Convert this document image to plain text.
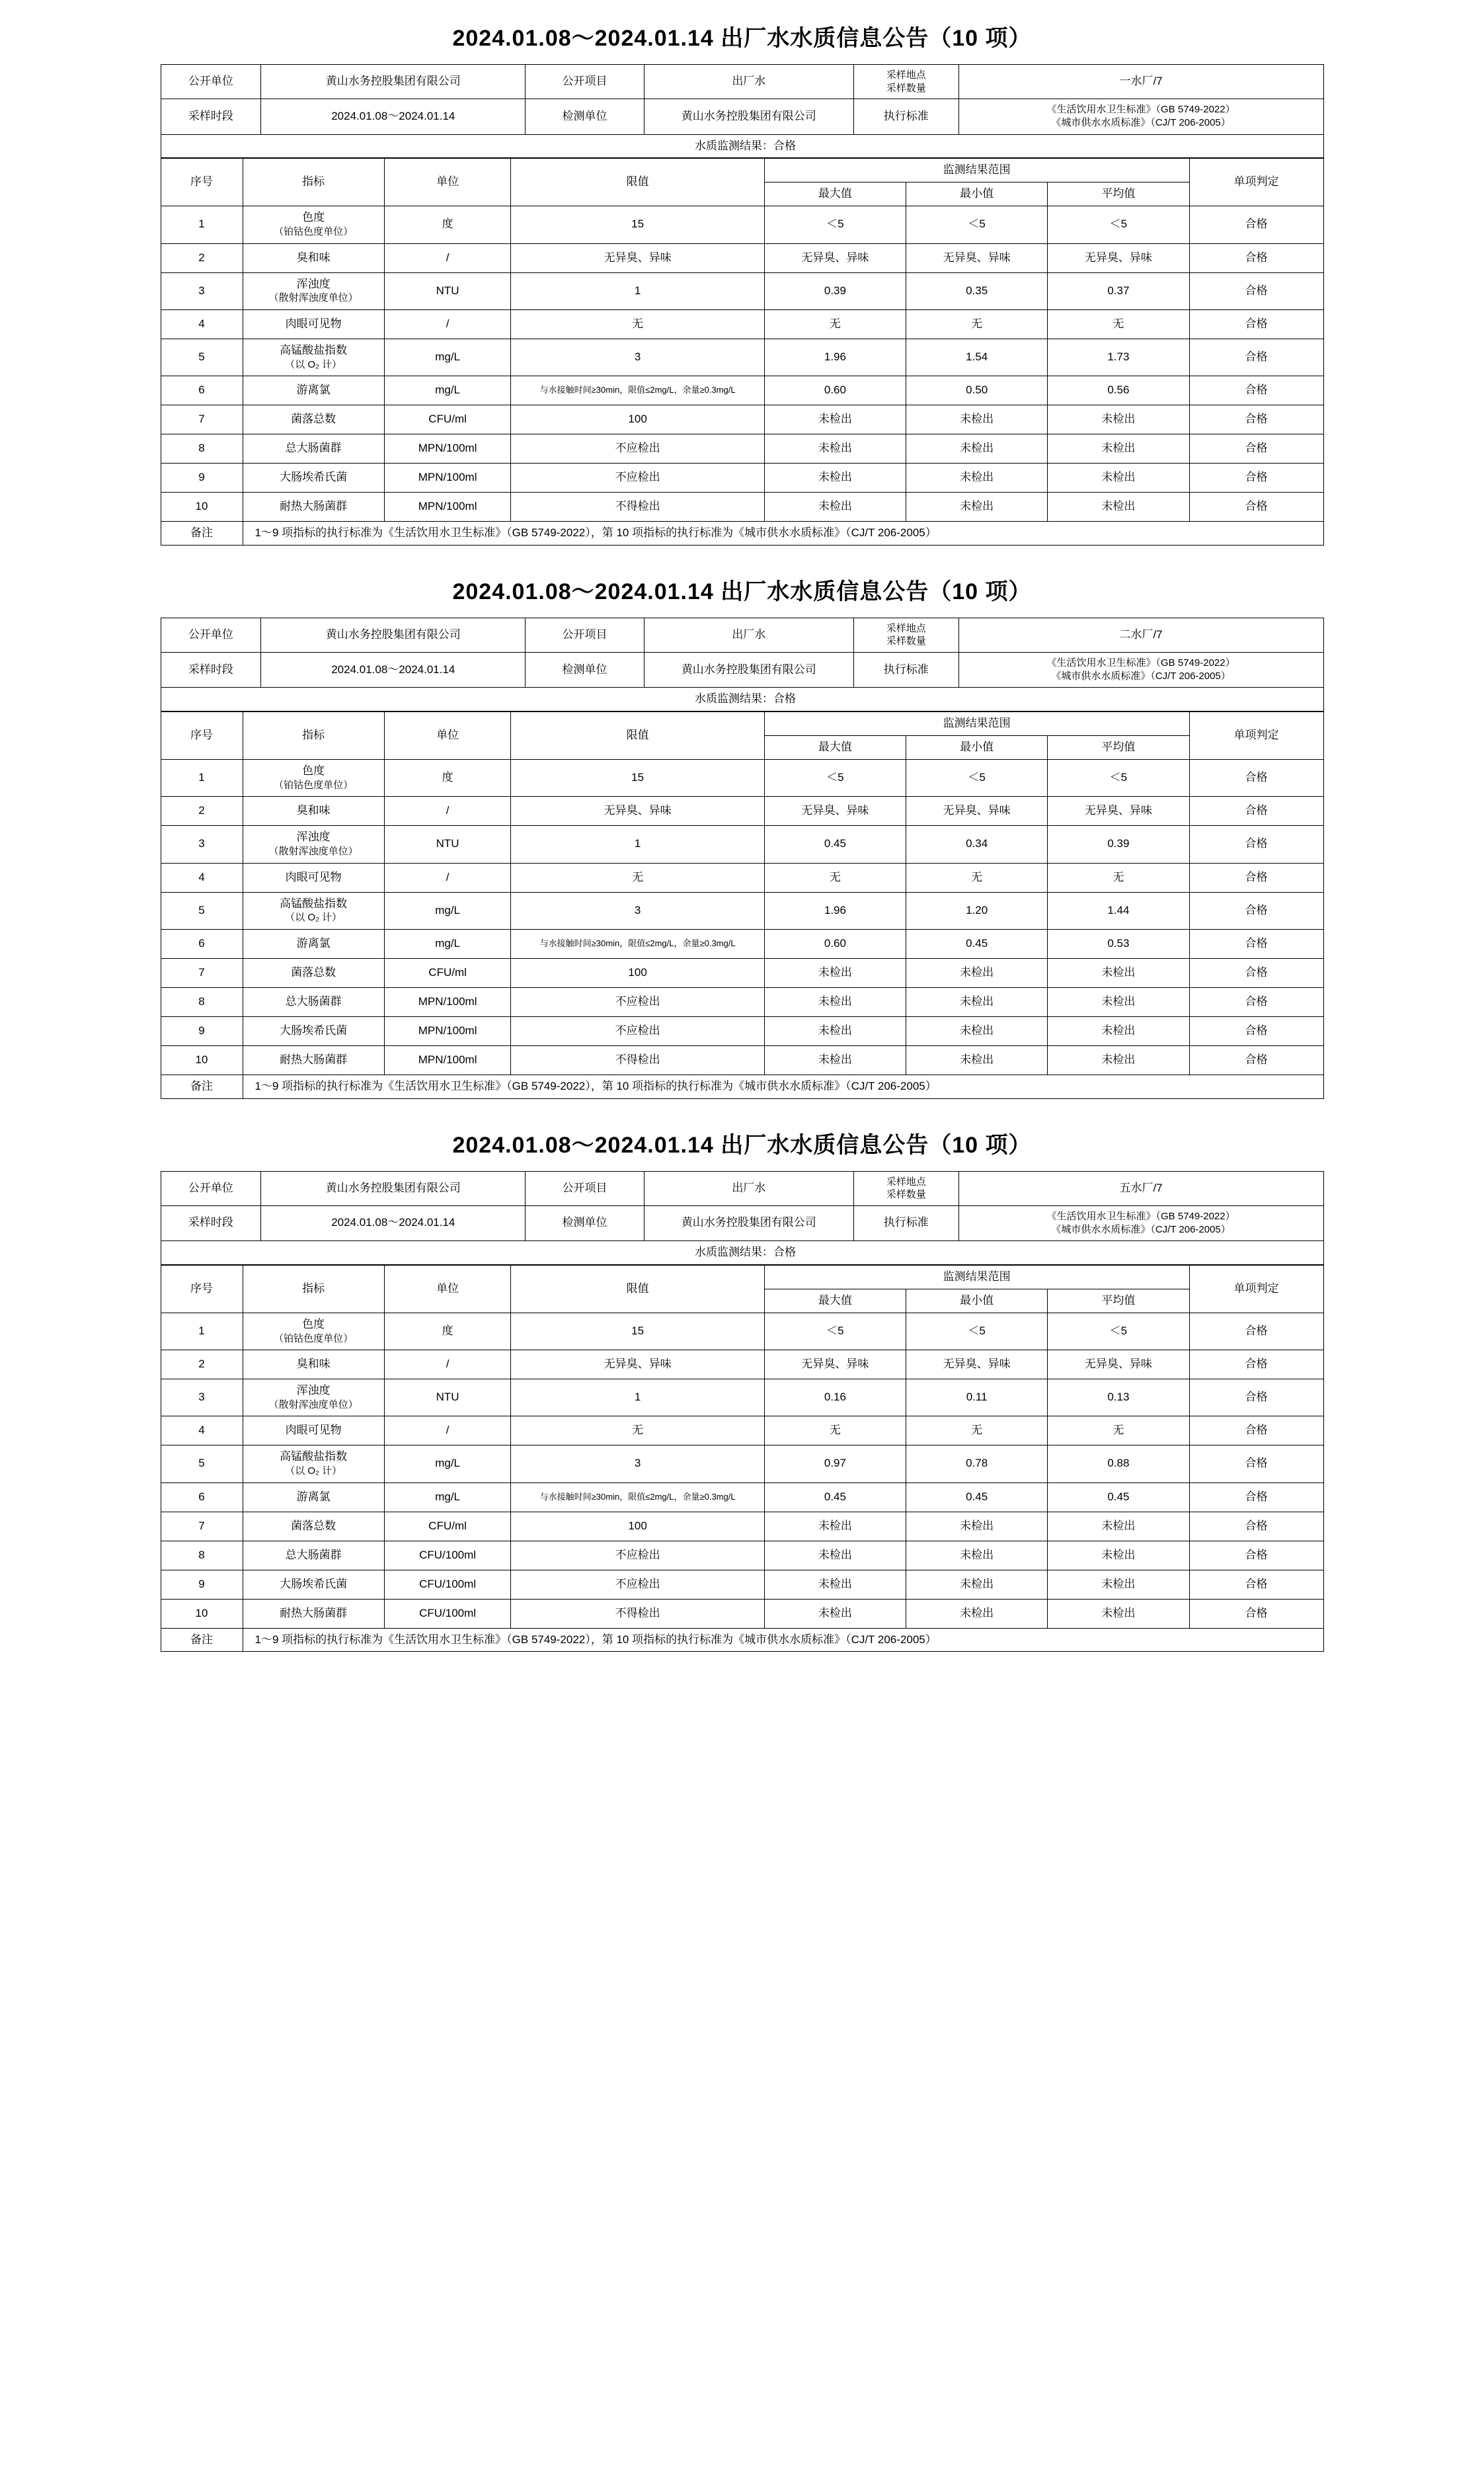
2024.01.08～2024.01.14 出厂水水质信息公告（10 项）
公开单位	黄山水务控股集团有限公司	公开项目	出厂水	采样地点
采样数量	一水厂/7
采样时段	2024.01.08～2024.01.14	检测单位	黄山水务控股集团有限公司	执行标准	《生活饮用水卫生标准》（GB 5749-2022）
《城市供水水质标准》（CJ/T 206-2005）

水质监测结果：合格					
序号	指标	单位	限值	监测结果范围			单项判定
				最大值	最小值	平均值	
1	色度
（铂钴色度单位）	度	15	＜5	＜5	＜5	合格
2	臭和味	/	无异臭、异味	无异臭、异味	无异臭、异味	无异臭、异味	合格
3	浑浊度
（散射浑浊度单位）	NTU	1	0.39	0.35	0.37	合格
4	肉眼可见物	/	无	无	无	无	合格
5	高锰酸盐指数
（以 O₂ 计）	mg/L	3	1.96	1.54	1.73	合格
6	游离氯	mg/L	与水接触时间≥30min，限值≤2mg/L，余量≥0.3mg/L	0.60	0.50	0.56	合格
7	菌落总数	CFU/ml	100	未检出	未检出	未检出	合格
8	总大肠菌群	MPN/100ml	不应检出	未检出	未检出	未检出	合格
9	大肠埃希氏菌	MPN/100ml	不应检出	未检出	未检出	未检出	合格
10	耐热大肠菌群	MPN/100ml	不得检出	未检出	未检出	未检出	合格
备注	1～9 项指标的执行标准为《生活饮用水卫生标准》（GB 5749-2022），第 10 项指标的执行标准为《城市供水水质标准》（CJ/T 206-2005）						
2024.01.08～2024.01.14 出厂水水质信息公告（10 项）
公开单位	黄山水务控股集团有限公司	公开项目	出厂水	采样地点
采样数量	二水厂/7
采样时段	2024.01.08～2024.01.14	检测单位	黄山水务控股集团有限公司	执行标准	《生活饮用水卫生标准》（GB 5749-2022）
《城市供水水质标准》（CJ/T 206-2005）

水质监测结果：合格					
序号	指标	单位	限值	监测结果范围			单项判定
				最大值	最小值	平均值	
1	色度
（铂钴色度单位）	度	15	＜5	＜5	＜5	合格
2	臭和味	/	无异臭、异味	无异臭、异味	无异臭、异味	无异臭、异味	合格
3	浑浊度
（散射浑浊度单位）	NTU	1	0.45	0.34	0.39	合格
4	肉眼可见物	/	无	无	无	无	合格
5	高锰酸盐指数
（以 O₂ 计）	mg/L	3	1.96	1.20	1.44	合格
6	游离氯	mg/L	与水接触时间≥30min，限值≤2mg/L，余量≥0.3mg/L	0.60	0.45	0.53	合格
7	菌落总数	CFU/ml	100	未检出	未检出	未检出	合格
8	总大肠菌群	MPN/100ml	不应检出	未检出	未检出	未检出	合格
9	大肠埃希氏菌	MPN/100ml	不应检出	未检出	未检出	未检出	合格
10	耐热大肠菌群	MPN/100ml	不得检出	未检出	未检出	未检出	合格
备注	1～9 项指标的执行标准为《生活饮用水卫生标准》（GB 5749-2022），第 10 项指标的执行标准为《城市供水水质标准》（CJ/T 206-2005）						
2024.01.08～2024.01.14 出厂水水质信息公告（10 项）
公开单位	黄山水务控股集团有限公司	公开项目	出厂水	采样地点
采样数量	五水厂/7
采样时段	2024.01.08～2024.01.14	检测单位	黄山水务控股集团有限公司	执行标准	《生活饮用水卫生标准》（GB 5749-2022）
《城市供水水质标准》（CJ/T 206-2005）

水质监测结果：合格					
序号	指标	单位	限值	监测结果范围			单项判定
				最大值	最小值	平均值	
1	色度
（铂钴色度单位）	度	15	＜5	＜5	＜5	合格
2	臭和味	/	无异臭、异味	无异臭、异味	无异臭、异味	无异臭、异味	合格
3	浑浊度
（散射浑浊度单位）	NTU	1	0.16	0.11	0.13	合格
4	肉眼可见物	/	无	无	无	无	合格
5	高锰酸盐指数
（以 O₂ 计）	mg/L	3	0.97	0.78	0.88	合格
6	游离氯	mg/L	与水接触时间≥30min，限值≤2mg/L，余量≥0.3mg/L	0.45	0.45	0.45	合格
7	菌落总数	CFU/ml	100	未检出	未检出	未检出	合格
8	总大肠菌群	CFU/100ml	不应检出	未检出	未检出	未检出	合格
9	大肠埃希氏菌	CFU/100ml	不应检出	未检出	未检出	未检出	合格
10	耐热大肠菌群	CFU/100ml	不得检出	未检出	未检出	未检出	合格
备注	1～9 项指标的执行标准为《生活饮用水卫生标准》（GB 5749-2022），第 10 项指标的执行标准为《城市供水水质标准》（CJ/T 206-2005）						
